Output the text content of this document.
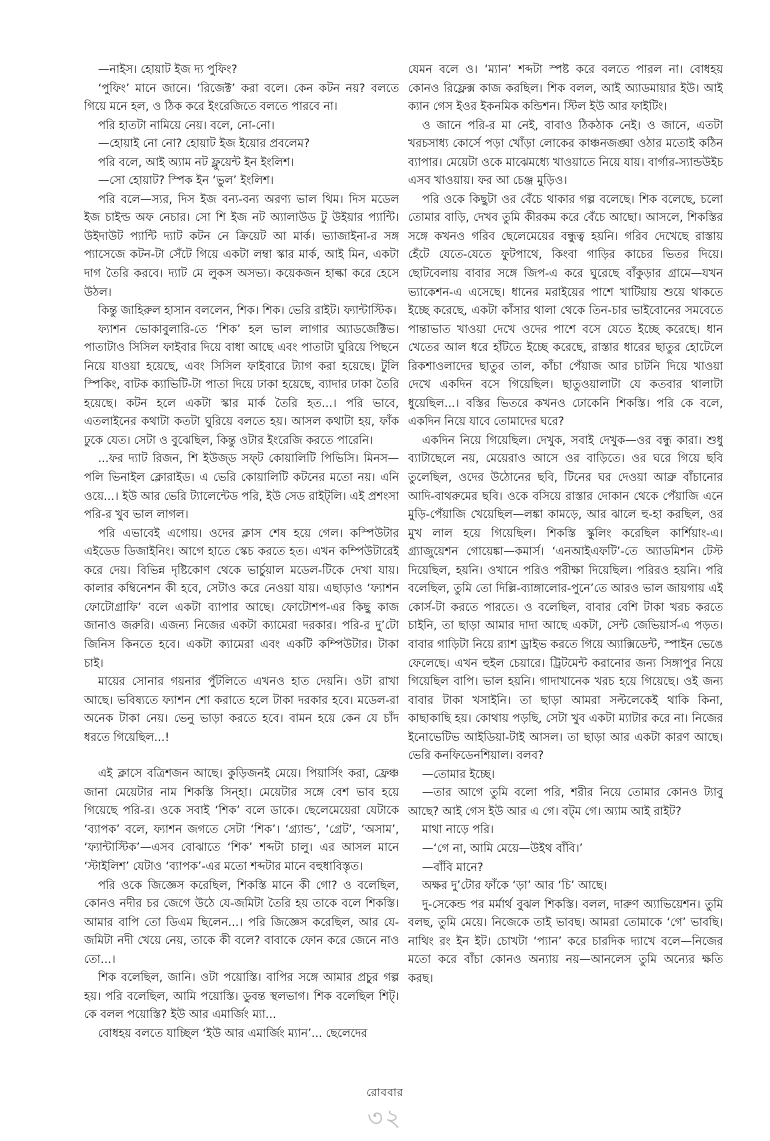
—নাইস। হোয়াট ইজ দ্য পুফিং?

‘পুফিং’ মানে জানে। ‘রিজেক্ট’ করা বলে। কেন কটন নয়? বলতে গিয়ে মনে হল, ও ঠিক করে ইংরেজিতে বলতে পারবে না।

পরি হাতটা নামিয়ে নেয়। বলে, নো-নো।

—হোয়াই নো নো? হোয়াট ইজ ইয়োর প্রবলেম?

পরি বলে, আই অ্যাম নট ফ্লুয়েন্ট ইন ইংলিশ।

—সো হোয়াট? স্পিক ইন ‘ভুল’ ইংলিশ।

পরি বলে—স্যর, দিস ইজ বন্য-বন্য অরণ্য ভাল থিম। দিস মডেল ইজ চাইল্ড অফ নেচার। সো শি ইজ নট অ্যালাউড টু উইয়ার প্যান্টি। উইদাউট প্যান্টি দ্যাট কটন নে ক্রিয়েট আ মার্ক। ভ্যাজাইনা-র সঙ্গ প্যাসেজে কটন-টা সেঁটে গিয়ে একটা লম্বা স্কার মার্ক, আই মিন, একটা দাগ তৈরি করবে। দ্যাট মে লুকস অসভ্য। কয়েকজন হাল্কা করে হেসে উঠল।

কিন্তু জাহিরুল হাসান বললেন, শিক। শিক। ভেরি রাইট। ফ্যান্টাস্টিক।

ফ্যাশন ভোকাবুলারি-তে ‘শিক’ হল ভাল লাগার অ্যাডজেক্টিভ। পাতাটাও সিসিল ফাইবার দিয়ে বাধা আছে এবং পাতাটা ঘুরিয়ে পিছনে নিয়ে যাওয়া হয়েছে, এবং সিসিল ফাইবারে ট্যাগ করা হয়েছে। টুলি স্পিকিং, বাটক ক্যাভিটি-টা পাতা দিয়ে ঢাকা হয়েছে, ব্যাদার ঢাকা তৈরি হয়েছে। কটন হলে একটা স্কার মার্ক তৈরি হত...। পরি ভাবে, এতলাইনের কথাটা কতটা ঘুরিয়ে বলতে হয়। আসল কথাটা হয়, ফাঁক ঢুকে যেত। সেটা ও বুঝেছিল, কিন্তু ওটার ইংরেজি করতে পারেনি।

...ফর দ্যাট রিজন, শি ইউজ্‌ড সফ্‌ট কোয়ালিটি পিভিসি। মিনস—পলি ভিনাইল ক্লোরাইড। এ ভেরি কোয়ালিটি কটনের মতো নয়। এনি ওয়ে...। ইউ আর ভেরি ট্যালেন্টেড পরি, ইউ সেড রাইট্‌লি। এই প্রশংসা পরি-র খুব ভাল লাগল।

পরি এভাবেই এগোয়। ওদের ক্লাস শেষ হয়ে গেল। কস্পিউটার এইডেড ডিজাইনিং। আগে হাতে স্কেচ করতে হত। এখন কম্পিউটারেই করে দেয়। বিভিন্ন দৃষ্টিকোণ থেকে ভার্চুয়াল মডেল-টিকে দেখা যায়। কালার কম্বিনেশন কী হবে, সেটাও করে নেওয়া যায়। এছাড়াও ‘ফ্যাশন ফোটোগ্রাফি’ বলে একটা ব্যাপার আছে। ফোটোশপ-এর কিছু কাজ জানাও জরুরি। এজন্য নিজের একটা ক্যামেরা দরকার। পরি-র দু’টো জিনিস কিনতে হবে। একটা ক্যামেরা এবং একটি কম্পিউটার। টাকা চাই।

মায়ের সোনার গয়নার পুঁটলিতে এখনও হাত দেয়নি। ওটা রাখা আছে। ভবিষ্যতে ফ্যাশন শো করাতে হলে টাকা দরকার হবে। মডেল-রা অনেক টাকা নেয়। ভেনু ভাড়া করতে হবে। বামন হয়ে কেন যে চাঁদ ধরতে গিয়েছিল...!

এই ক্লাসে বত্রিশজন আছে। কুড়িজনই মেয়ে। পিয়ার্সিং করা, ফ্রেঞ্চ জানা মেয়েটার নাম শিকস্তি সিন্‌হা। মেয়েটার সঙ্গে বেশ ভাব হয়ে গিয়েছে পরি-র। ওকে সবাই ‘শিক’ বলে ডাকে। ছেলেমেয়েরা যেটাকে ‘ব্যাপক’ বলে, ফ্যাশন জগতে সেটা ‘শিক’। ‘গ্র্যান্ড’, ‘গ্রেট’, ‘অসাম’, ‘ফ্যান্টাস্টিক’—এসব বোঝাতে ‘শিক’ শব্দটা চালু। এর আসল মানে ‘স্টাইলিশ’ যেটাও ‘ব্যাপক’-এর মতো শব্দটার মানে বহুধাবিস্তৃত।

পরি ওকে জিজ্ঞেস করেছিল, শিকস্তি মানে কী গো? ও বলেছিল, কোনও নদীর চর জেগে উঠে যে-জমিটা তৈরি হয় তাকে বলে শিকস্তি। আমার বাপি তো ডিএম ছিলেন...। পরি জিজ্ঞেস করেছিল, আর যে-জমিটা নদী খেয়ে নেয়, তাকে কী বলে? বাবাকে ফোন করে জেনে নাও তো...।

শিক বলেছিল, জানি। ওটা পয়োস্তি। বাপির সঙ্গে আমার প্রচুর গল্প হয়। পরি বলেছিল, আমি পয়োস্তি। ডুবন্ত স্থলভাগ। শিক বলেছিল শিট্‌। কে বলল পয়োস্তি? ইউ আর এমার্জিং ম্যা...

বোধহয় বলতে যাচ্ছিল ‘ইউ আর এমার্জিং ম্যান’... ছেলেদের

যেমন বলে ও। ‘ম্যান’ শব্দটা স্পষ্ট করে বলতে পারল না। বোধহয় কোনও রিফ্লেক্স কাজ করছিল। শিক বলল, আই অ্যাডমায়ার ইউ। আই ক্যান গেস ইওর ইকনমিক কন্ডিশন। স্টিল ইউ আর ফাইটিং।

ও জানে পরি-র মা নেই, বাবাও ঠিকঠাক নেই। ও জানে, এতটা খরচসাধ্য কোর্সে পড়া খোঁড়া লোকের কাঞ্চনজঙ্ঘা ওঠার মতোই কঠিন ব্যাপার। মেয়েটা ওকে মাঝেমধ্যে খাওয়াতে নিয়ে যায়। বার্গার-স্যান্ডউইচ এসব খাওয়ায়। ফর আ চেঞ্জ মুড়িও।

পরি ওকে কিছুটা ওর বেঁচে থাকার গল্প বলেছে। শিক বলেছে, চলো তোমার বাড়ি, দেখব তুমি কীরকম করে বেঁচে আছো। আসলে, শিকস্তির সঙ্গে কখনও গরিব ছেলেমেয়ের বন্ধুত্ব হয়নি। গরিব দেখেছে রাস্তায় হেঁটে যেতে-যেতে ফুটপাথে, কিংবা গাড়ির কাচের ভিতর দিয়ে। ছোটবেলায় বাবার সঙ্গে জিপ-এ করে ঘুরেছে বাঁকুড়ার গ্রামে—যখন ভ্যাকেশন-এ এসেছে। ধানের মরাইয়ের পাশে খাটিয়ায় শুয়ে থাকতে ইচ্ছে করেছে, একটা কাঁসার থালা থেকে তিন-চার ভাইবোনের সমবেতে পান্তাভাত খাওয়া দেখে ওদের পাশে বসে যেতে ইচ্ছে করেছে। ধান খেতের আল ধরে হাঁটতে ইচ্ছে করেছে, রাস্তার ধারের ছাতুর হোটেলে রিকশাওলাদের ছাতুর তাল, কাঁচা পেঁয়াজ আর চাটনি দিয়ে খাওয়া দেখে একদিন বসে গিয়েছিল। ছাতুওয়ালাটা যে কতবার থালাটা ধুয়েছিল...। বস্তির ভিতরে কখনও ঢোকেনি শিকস্তি। পরি কে বলে, একদিন নিয়ে যাবে তোমাদের ঘরে?

একদিন নিয়ে গিয়েছিল। দেখুক, সবাই দেখুক—ওর বন্ধু কারা। শুধু ব্যাটাছেলে নয়, মেয়েরাও আসে ওর বাড়িতে। ওর ঘরে গিয়ে ছবি তুলেছিল, ওদের উঠোনের ছবি, টিনের ঘর দেওয়া আব্রু বাঁচানোর আদি-বাথরুমের ছবি। ওকে বসিয়ে রাস্তার দোকান থেকে পেঁয়াজি এনে মুড়ি-পেঁয়াজি খেয়েছিল—লঙ্কা কামড়ে, আর ঝালে হু-হা করছিল, ওর মুখ লাল হয়ে গিয়েছিল। শিকস্তি স্কুলিং করেছিল কার্শিয়াং-এ। গ্র্যাজুয়েশন গোয়েঙ্কা—কমার্স। ‘এনআইএফটি’-তে অ্যাডমিশন টেস্ট দিয়েছিল, হয়নি। ওখানে পরিও পরীক্ষা দিয়েছিল। পরিরও হয়নি। পরি বলেছিল, তুমি তো দিল্লি-ব্যাঙ্গালোর-পুনে’তে আরও ভাল জায়গায় এই কোর্স-টা করতে পারতে। ও বলেছিল, বাবার বেশি টাকা খরচ করতে চাইনি, তা ছাড়া আমার দাদা আছে একটা, সেন্ট জেভিয়ার্স-এ পড়ত। বাবার গাড়িটা নিয়ে র‍্যাশ ড্রাইভ করতে গিয়ে অ্যাক্সিডেন্ট, স্পাইন ভেঙে ফেলেছে। এখন হুইল চেয়ারে। ট্রিটমেন্ট করানোর জন্য সিঙ্গাপুর নিয়ে গিয়েছিল বাপি। ভাল হয়নি। গাদাখানেক খরচ হয়ে গিয়েছে। ওই জন্য বাবার টাকা খসাইনি। তা ছাড়া আমরা সল্টলেকেই থাকি কিনা, কাছাকাছি হয়। কোথায় পড়ছি, সেটা খুব একটা ম্যাটার করে না। নিজের ইনোভেটিভ আইডিয়া-টাই আসল। তা ছাড়া আর একটা কারণ আছে। ভেরি কনফিডেনশিয়াল। বলব?

—তোমার ইচ্ছে।

—তার আগে তুমি বলো পরি, শরীর নিয়ে তোমার কোনও ট্যাবু আছে? আই গেস ইউ আর এ গে। বট্‌ম গে। অ্যাম আই রাইট?

মাথা নাড়ে পরি।

—‘গে না, আমি মেয়ে—উইথ বাঁবি।’

—বাঁবি মানে?

অক্ষর দু’টোর ফাঁকে ‘ড়া’ আর ‘চি’ আছে।

দু-সেকেন্ড পর মর্মার্থ বুঝল শিকস্তি। বলল, দারুণ অ্যাভিয়েশন। তুমি বলছ, তুমি মেয়ে। নিজেকে তাই ভাবছ। আমরা তোমাকে ‘গে’ ভাবছি। নাথিং রং ইন ইট। চোখটা ‘প্যান’ করে চারদিক দ্যাখে বলে—নিজের মতো করে বাঁচা কোনও অন্যায় নয়—আনলেস তুমি অন্যের ক্ষতি করছ।

রোববার
৩২
